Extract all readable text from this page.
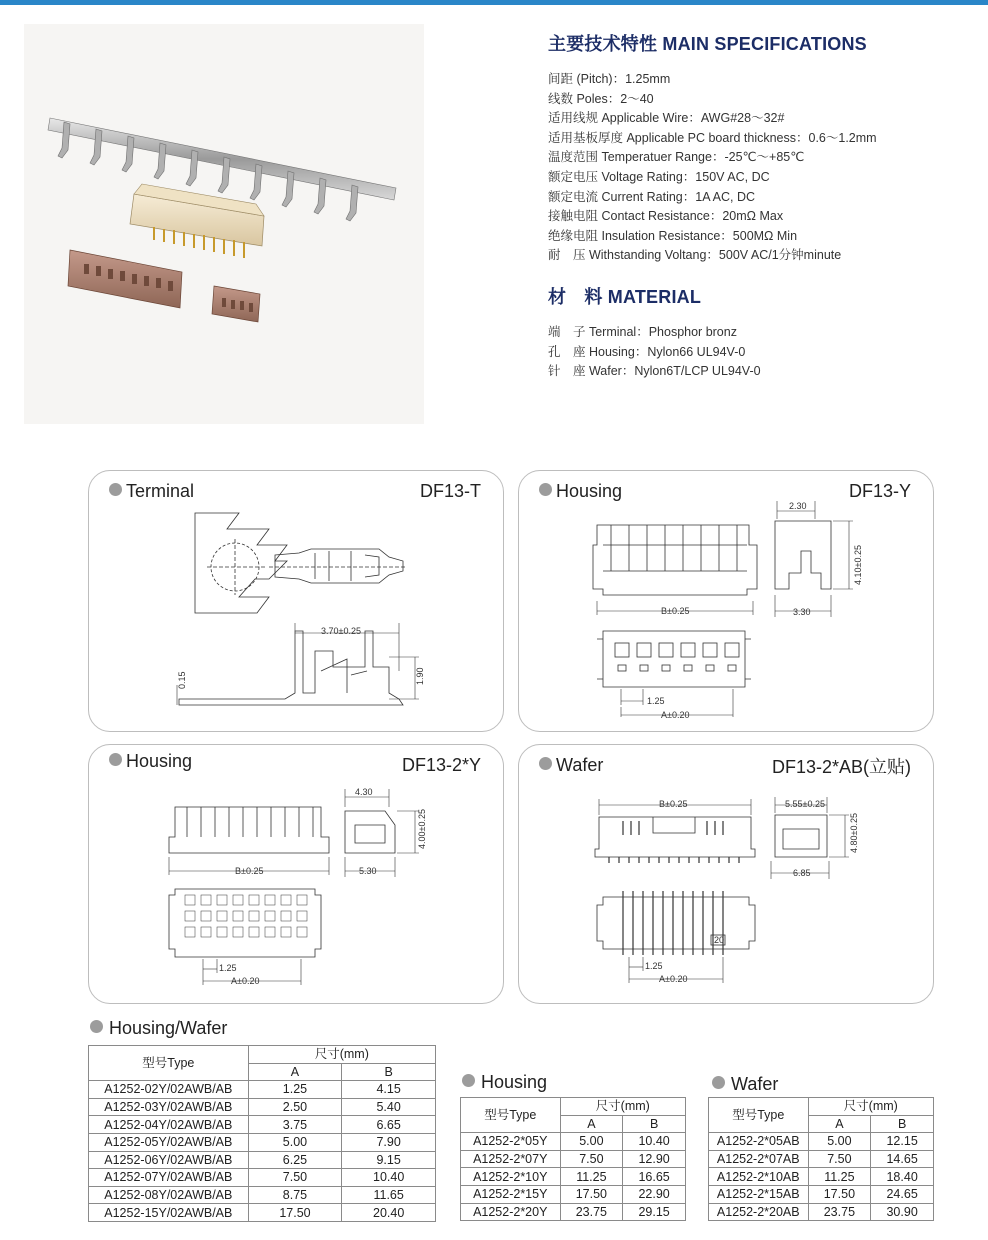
主要技术特性 MAIN SPECIFICATIONS
间距 (Pitch)：1.25mm
线数 Poles：2～40
适用线规 Applicable Wire：AWG#28～32#
适用基板厚度 Applicable PC board thickness：0.6～1.2mm
温度范围 Temperatuer Range：-25℃～+85℃
额定电压 Voltage Rating：150V AC, DC
额定电流 Current Rating：1A AC, DC
接触电阻 Contact Resistance：20mΩ Max
绝缘电阻 Insulation Resistance：500MΩ Min
耐　压 Withstanding Voltang：500V AC/1分钟minute
材　料 MATERIAL
端　子 Terminal：Phosphor bronz
孔　座 Housing：Nylon66 UL94V-0
针　座 Wafer：Nylon6T/LCP UL94V-0
Terminal	DF13-T
3.70±0.25
0.15	1.90
Housing	DF13-Y
B±0.25
2.30
3.30
4.10±0.25
1.25
A±0.20
Housing	DF13-2*Y
B±0.25
4.30
5.30
4.00±0.25
1.25
A±0.20
Wafer	DF13-2*AB(立贴)
B±0.25	5.55±0.25
4.80±0.25
6.85
20
1.25
A±0.20
Housing/Wafer
Housing	Wafer
型号Type	尺寸(mm)	
	A	B
A1252-02Y/02AWB/AB	1.25	4.15
A1252-03Y/02AWB/AB	2.50	5.40
A1252-04Y/02AWB/AB	3.75	6.65
A1252-05Y/02AWB/AB	5.00	7.90
A1252-06Y/02AWB/AB	6.25	9.15
A1252-07Y/02AWB/AB	7.50	10.40
A1252-08Y/02AWB/AB	8.75	11.65
A1252-15Y/02AWB/AB	17.50	20.40
型号Type	尺寸(mm)	
	A	B
A1252-2*05Y	5.00	10.40
A1252-2*07Y	7.50	12.90
A1252-2*10Y	11.25	16.65
A1252-2*15Y	17.50	22.90
A1252-2*20Y	23.75	29.15
型号Type	尺寸(mm)	
	A	B
A1252-2*05AB	5.00	12.15
A1252-2*07AB	7.50	14.65
A1252-2*10AB	11.25	18.40
A1252-2*15AB	17.50	24.65
A1252-2*20AB	23.75	30.90
